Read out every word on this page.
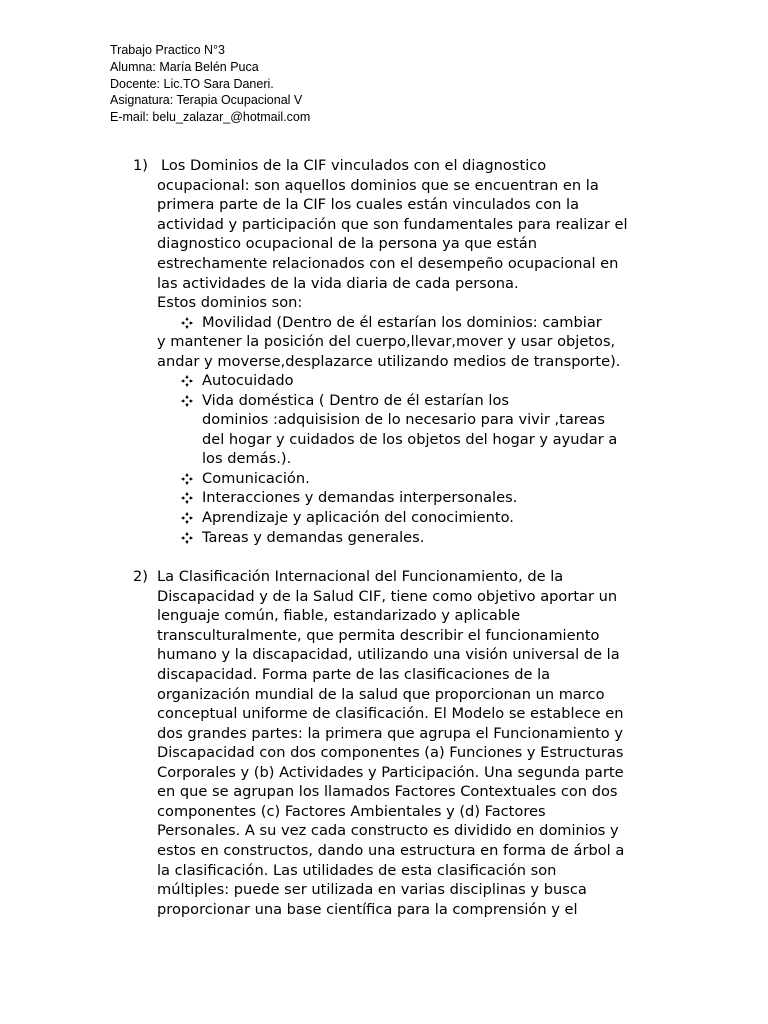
Trabajo Practico N°3
Alumna: María Belén Puca
Docente: Lic.TO Sara Daneri.
Asignatura: Terapia Ocupacional V
E-mail: belu_zalazar_@hotmail.com
1) Los Dominios de la CIF vinculados con el diagnostico
ocupacional: son aquellos dominios que se encuentran en la
primera parte de la CIF los cuales están vinculados con la
actividad y participación que son fundamentales para realizar el
diagnostico ocupacional de la persona ya que están
estrechamente relacionados con el desempeño ocupacional en
las actividades de la vida diaria de cada persona.
Estos dominios son:
Movilidad (Dentro de él estarían los dominios: cambiar
y mantener la posición del cuerpo,llevar,mover y usar objetos,
andar y moverse,desplazarce utilizando medios de transporte).
Autocuidado
Vida doméstica ( Dentro de él estarían los
dominios :adquisision de lo necesario para vivir ,tareas
del hogar y cuidados de los objetos del hogar y ayudar a
los demás.).
Comunicación.
Interacciones y demandas interpersonales.
Aprendizaje y aplicación del conocimiento.
Tareas y demandas generales.
2) La Clasificación Internacional del Funcionamiento, de la
Discapacidad y de la Salud CIF, tiene como objetivo aportar un
lenguaje común, fiable, estandarizado y aplicable
transculturalmente, que permita describir el funcionamiento
humano y la discapacidad, utilizando una visión universal de la
discapacidad. Forma parte de las clasificaciones de la
organización mundial de la salud que proporcionan un marco
conceptual uniforme de clasificación. El Modelo se establece en
dos grandes partes: la primera que agrupa el Funcionamiento y
Discapacidad con dos componentes (a) Funciones y Estructuras
Corporales y (b) Actividades y Participación. Una segunda parte
en que se agrupan los llamados Factores Contextuales con dos
componentes (c) Factores Ambientales y (d) Factores
Personales. A su vez cada constructo es dividido en dominios y
estos en constructos, dando una estructura en forma de árbol a
la clasificación. Las utilidades de esta clasificación son
múltiples: puede ser utilizada en varias disciplinas y busca
proporcionar una base científica para la comprensión y el
